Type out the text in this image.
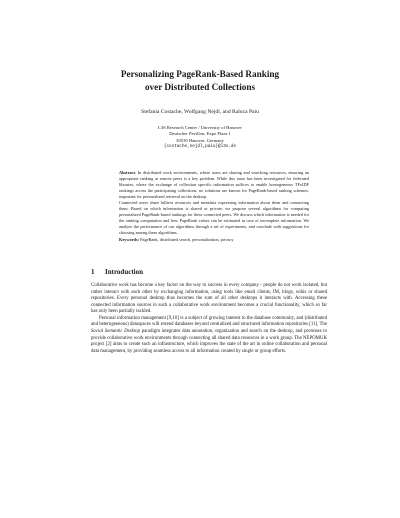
Personalizing PageRank-Based Ranking
over Distributed Collections
Stefania Costache, Wolfgang Nejdl, and Raluca Paiu
L3S Research Center / University of Hanover
Deutscher Pavillon, Expo Plaza 1
30539 Hanover, Germany
{costache,nejdl,paiu}@l3s.de

Abstract. In distributed work environments, where users are sharing and searching resources, ensuring an appropriate ranking at remote peers is a key problem. While this issue has been investigated for federated libraries, where the exchange of collection specific information suffices to enable homogeneous TFxIDF rankings across the participating collections, no solutions are known for PageRank-based ranking schemes, important for personalized retrieval on the desktop.

Connected users share fulltext resources and metadata expressing information about them and connecting them. Based on which information is shared or private, we propose several algorithms for computing personalized PageRank-based rankings for these connected peers. We discuss which information is needed for the ranking computation and how PageRank values can be estimated in case of incomplete information. We analyze the performance of our algorithms through a set of experiments, and conclude with suggestions for choosing among these algorithms.

Keywords: PageRank, distributed search, personalization, privacy

1 Introduction

Collaborative work has become a key factor on the way to success in every company - people do not work isolated, but rather interact with each other by exchanging information, using tools like email clients, IM, blogs, wikis or shared repositories. Every personal desktop thus becomes the sum of all other desktops it interacts with. Accessing these connected information sources in such a collaborative work environment becomes a crucial functionality, which so far has only been partially tackled.

Personal information management [9,10] is a subject of growing interest to the database community, and (distributed and heterogeneous) dataspaces will extend databases beyond centralized and structured information repositories [11]. The Social Semantic Desktop paradigm integrates data annotation, organization and search on the desktop, and promises to provide collaborative work environments through connecting all shared data resources in a work group. The NEPOMUK project [2] aims to create such an infrastructure, which improves the state of the art in online collaboration and personal data management, by providing seamless access to all information created by single or group efforts.
